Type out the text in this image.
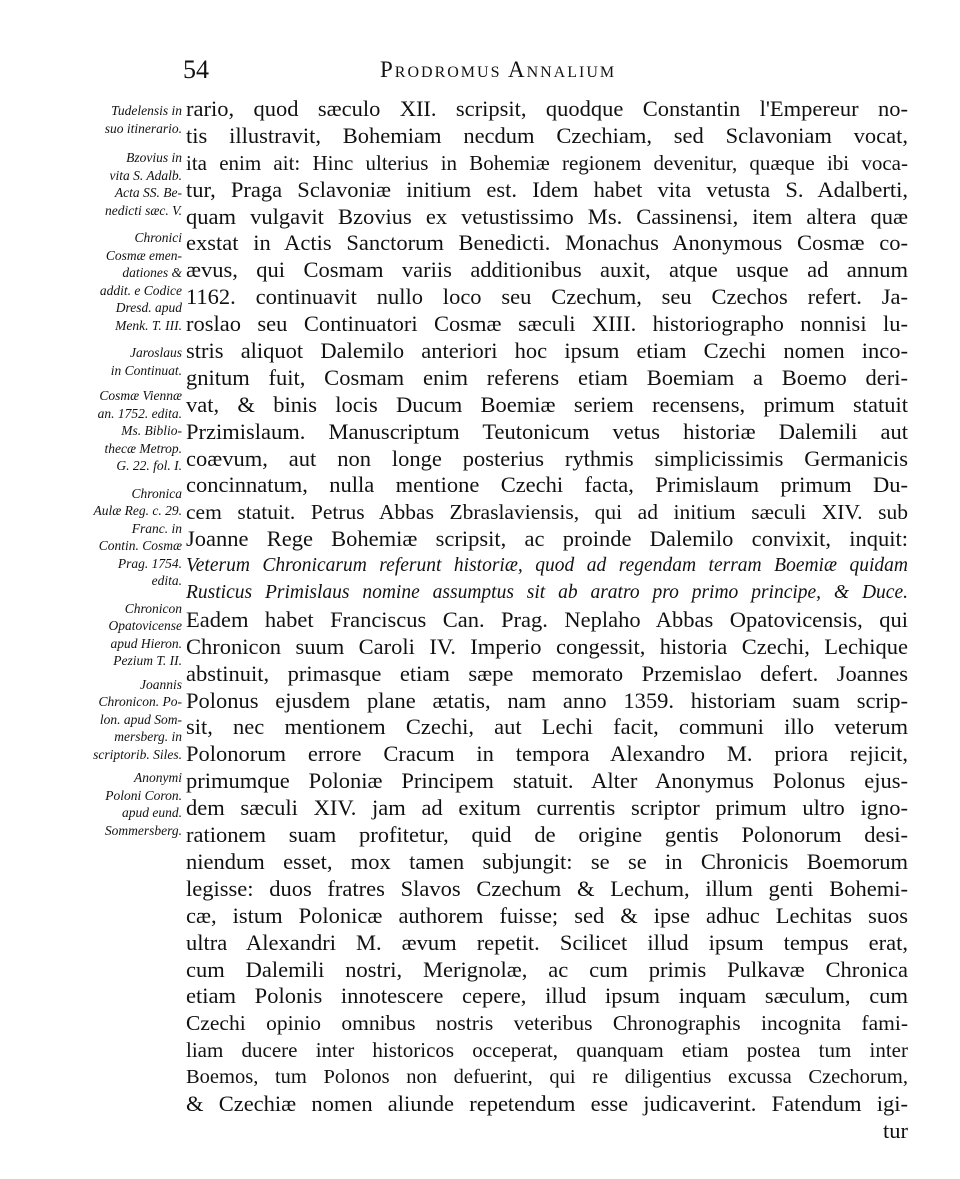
54	Prodromus Annalium

Tudelensis in
suo itinerario.

Bzovius in
vita S. Adalb.
Acta SS. Be-
nedicti sæc. V.

Chronici
Cosmæ emen-
dationes &
addit. e Codice
Dresd. apud
Menk. T. III.

Jaroslaus
in Continuat.

Cosmæ Viennæ
an. 1752. edita.
Ms. Biblio-
thecæ Metrop.
G. 22. fol. I.

Chronica
Aulæ Reg. c. 29.
Franc. in
Contin. Cosmæ
Prag. 1754.
edita.

Chronicon
Opatovicense
apud Hieron.
Pezium T. II.

Joannis
Chronicon. Po-
lon. apud Som-
mersberg. in
scriptorib. Siles.

Anonymi
Poloni Coron.
apud eund.
Sommersberg.

rario, quod sæculo XII. scripsit, quodque Constantin l'Empereur no-
tis illustravit, Bohemiam necdum Czechiam, sed Sclavoniam vocat,
ita enim ait: Hinc ulterius in Bohemiæ regionem devenitur, quæque ibi voca-
tur, Praga Sclavoniæ initium est. Idem habet vita vetusta S. Adalberti,
quam vulgavit Bzovius ex vetustissimo Ms. Cassinensi, item altera quæ
exstat in Actis Sanctorum Benedicti. Monachus Anonymous Cosmæ co-
ævus, qui Cosmam variis additionibus auxit, atque usque ad annum
1162. continuavit nullo loco seu Czechum, seu Czechos refert. Ja-
roslao seu Continuatori Cosmæ sæculi XIII. historiographo nonnisi lu-
stris aliquot Dalemilo anteriori hoc ipsum etiam Czechi nomen inco-
gnitum fuit, Cosmam enim referens etiam Boemiam a Boemo deri-
vat, & binis locis Ducum Boemiæ seriem recensens, primum statuit
Przimislaum. Manuscriptum Teutonicum vetus historiæ Dalemili aut
coævum, aut non longe posterius rythmis simplicissimis Germanicis
concinnatum, nulla mentione Czechi facta, Primislaum primum Du-
cem statuit. Petrus Abbas Zbraslaviensis, qui ad initium sæculi XIV. sub
Joanne Rege Bohemiæ scripsit, ac proinde Dalemilo convixit, inquit:
Veterum Chronicarum referunt historiæ, quod ad regendam terram Boemiæ quidam
Rusticus Primislaus nomine assumptus sit ab aratro pro primo principe, & Duce.
Eadem habet Franciscus Can. Prag. Neplaho Abbas Opatovicensis, qui
Chronicon suum Caroli IV. Imperio congessit, historia Czechi, Lechique
abstinuit, primasque etiam sæpe memorato Przemislao defert. Joannes
Polonus ejusdem plane ætatis, nam anno 1359. historiam suam scrip-
sit, nec mentionem Czechi, aut Lechi facit, communi illo veterum
Polonorum errore Cracum in tempora Alexandro M. priora rejicit,
primumque Poloniæ Principem statuit. Alter Anonymus Polonus ejus-
dem sæculi XIV. jam ad exitum currentis scriptor primum ultro igno-
rationem suam profitetur, quid de origine gentis Polonorum desi-
niendum esset, mox tamen subjungit: se se in Chronicis Boemorum
legisse: duos fratres Slavos Czechum & Lechum, illum genti Bohemi-
cæ, istum Polonicæ authorem fuisse; sed & ipse adhuc Lechitas suos
ultra Alexandri M. ævum repetit. Scilicet illud ipsum tempus erat,
cum Dalemili nostri, Merignolæ, ac cum primis Pulkavæ Chronica
etiam Polonis innotescere cepere, illud ipsum inquam sæculum, cum
Czechi opinio omnibus nostris veteribus Chronographis incognita fami-
liam ducere inter historicos occeperat, quanquam etiam postea tum inter
Boemos, tum Polonos non defuerint, qui re diligentius excussa Czechorum,
& Czechiæ nomen aliunde repetendum esse judicaverint. Fatendum igi-
tur
